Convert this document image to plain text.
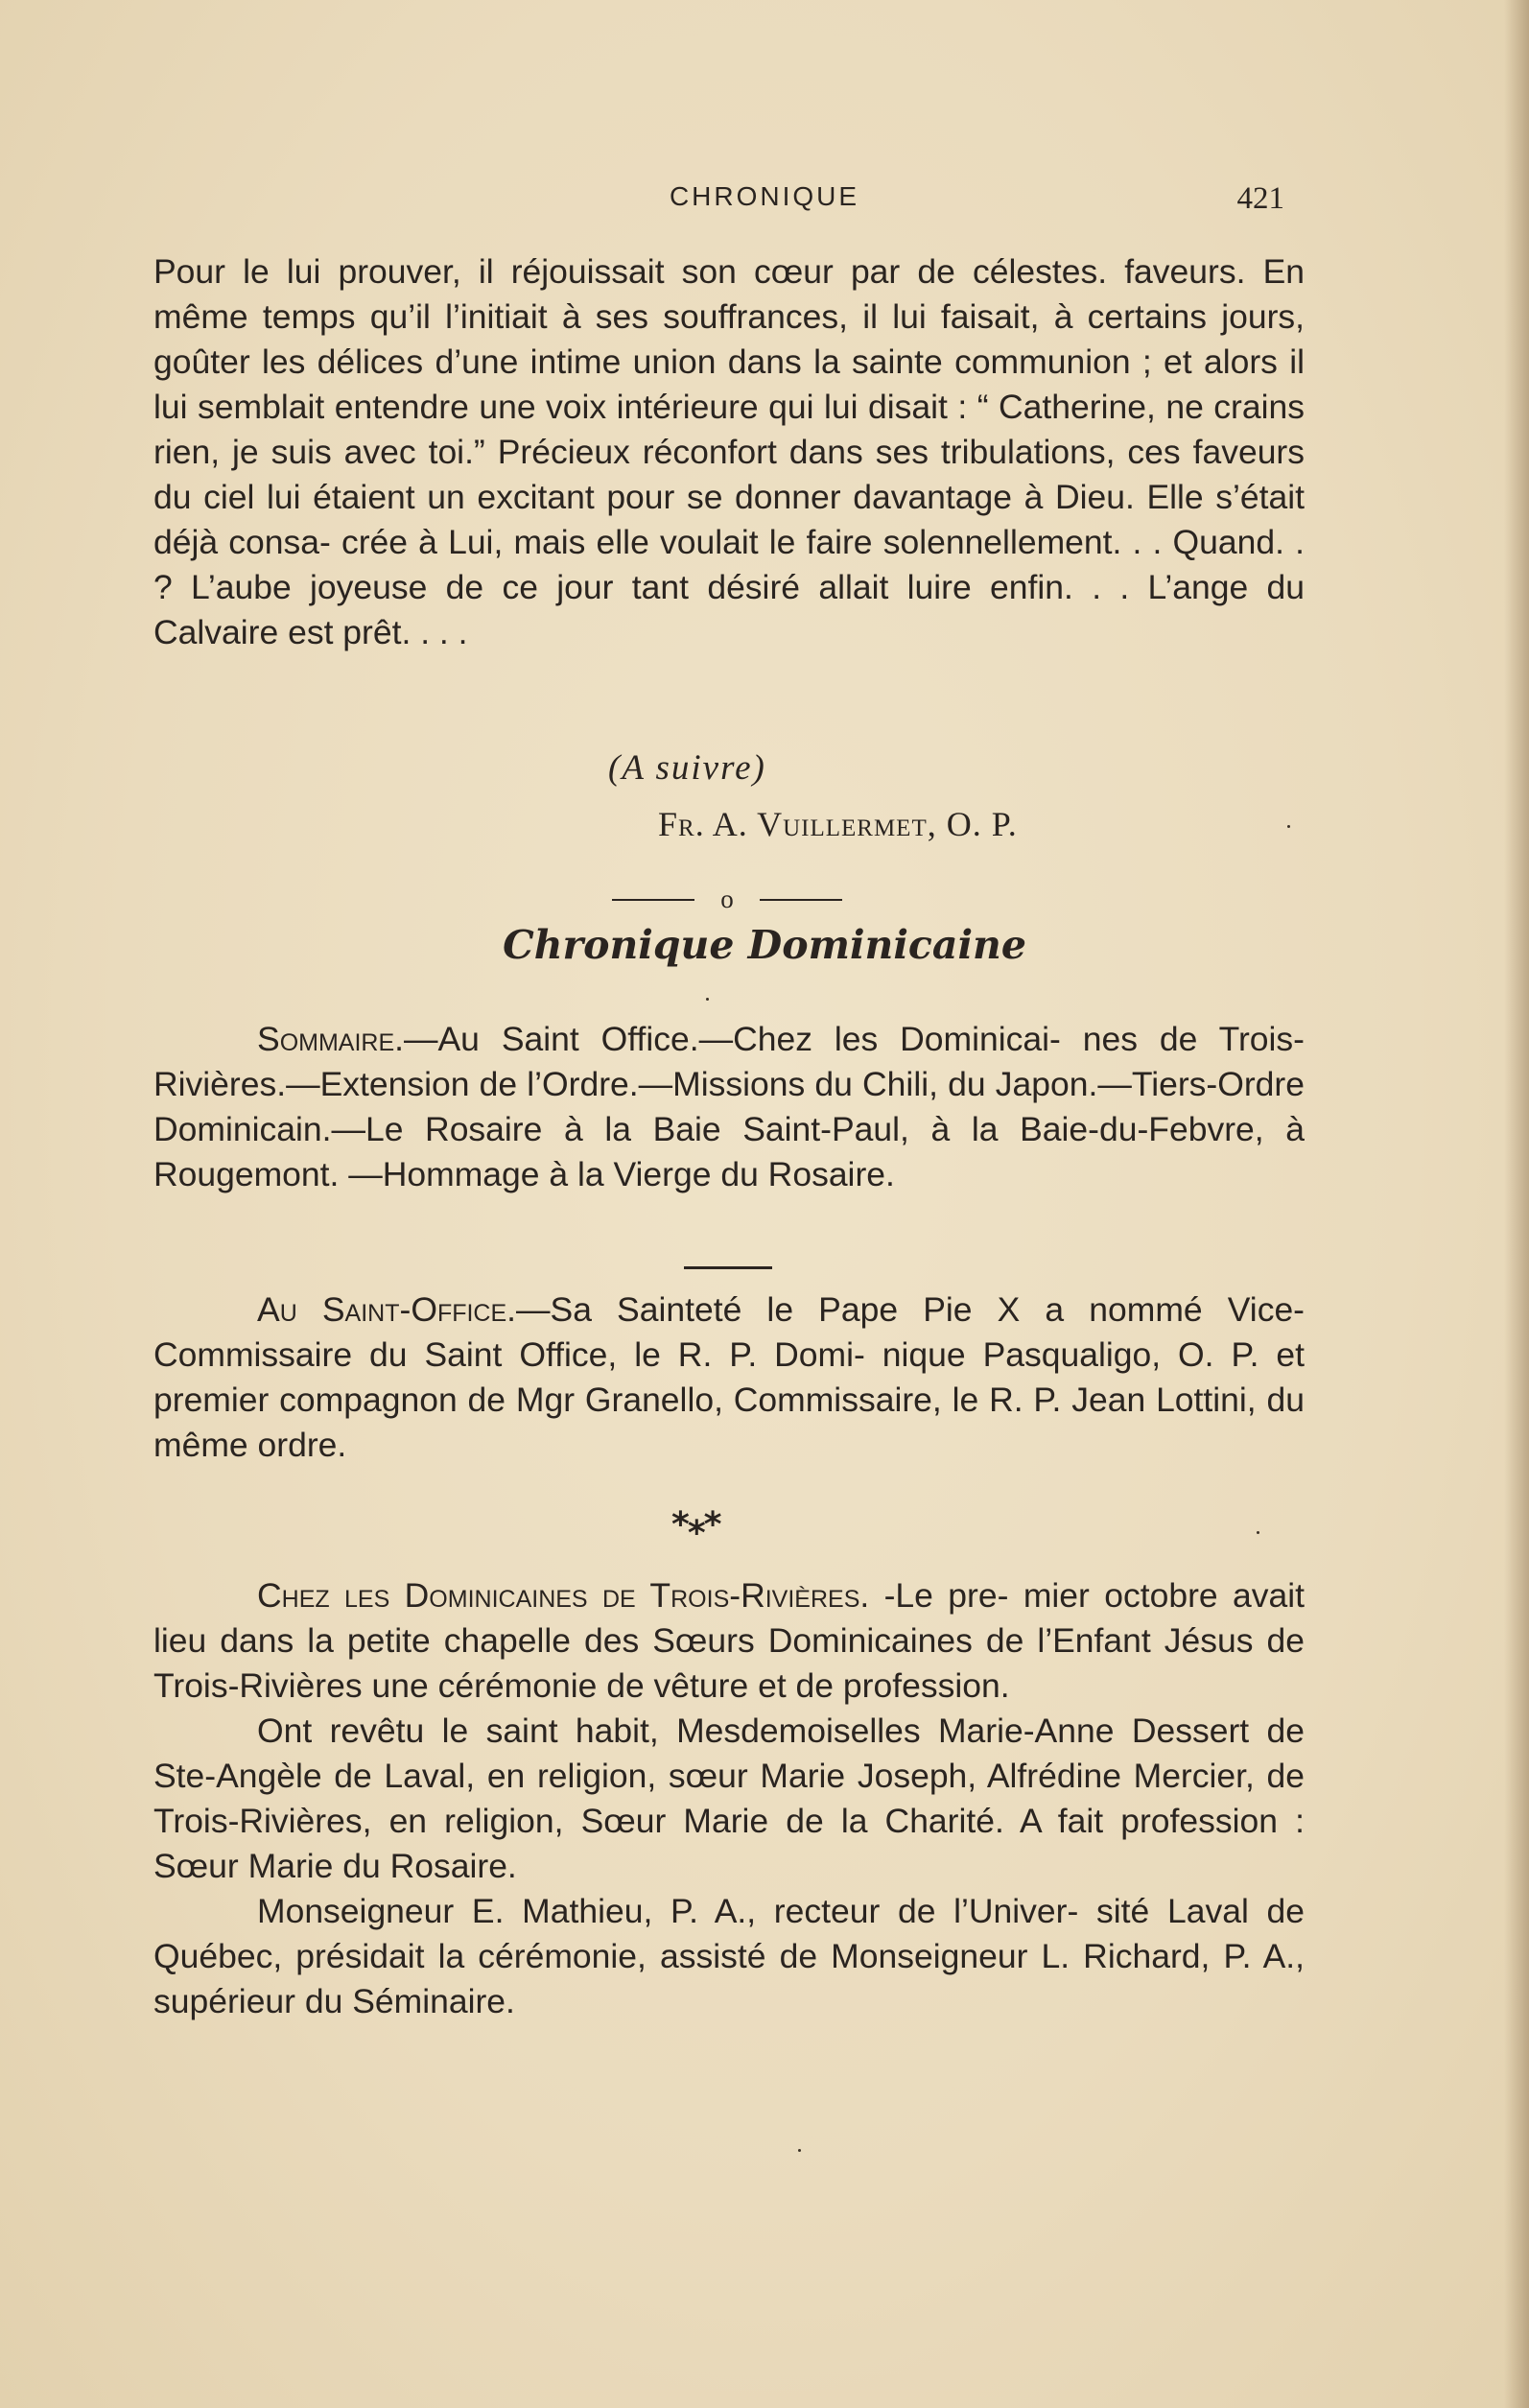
CHRONIQUE	421

Pour le lui prouver, il réjouissait son cœur par de célestes. faveurs. En même temps qu’il l’initiait à ses souffrances, il lui faisait, à certains jours, goûter les délices d’une intime union dans la sainte communion ; et alors il lui semblait entendre une voix intérieure qui lui disait : “ Catherine, ne crains rien, je suis avec toi.” Précieux réconfort dans ses tribulations, ces faveurs du ciel lui étaient un excitant pour se donner davantage à Dieu. Elle s’était déjà consa- crée à Lui, mais elle voulait le faire solennellement. . . Quand. . ? L’aube joyeuse de ce jour tant désiré allait luire enfin. . . L’ange du Calvaire est prêt. . . .

(A suivre)
Fr. A. Vuillermet, O. P.
o
Chronique Dominicaine

Sommaire.—Au Saint Office.—Chez les Dominicai- nes de Trois-Rivières.—Extension de l’Ordre.—Missions du Chili, du Japon.—Tiers-Ordre Dominicain.—Le Rosaire à la Baie Saint-Paul, à la Baie-du-Febvre, à Rougemont. —Hommage à la Vierge du Rosaire.

Au Saint-Office.—Sa Sainteté le Pape Pie X a nommé Vice-Commissaire du Saint Office, le R. P. Domi- nique Pasqualigo, O. P. et premier compagnon de Mgr Granello, Commissaire, le R. P. Jean Lottini, du même ordre.

***

Chez les Dominicaines de Trois-Rivières. -Le pre- mier octobre avait lieu dans la petite chapelle des Sœurs Dominicaines de l’Enfant Jésus de Trois-Rivières une cérémonie de vêture et de profession.

Ont revêtu le saint habit, Mesdemoiselles Marie-Anne Dessert de Ste-Angèle de Laval, en religion, sœur Marie Joseph, Alfrédine Mercier, de Trois-Rivières, en religion, Sœur Marie de la Charité. A fait profession : Sœur Marie du Rosaire.

Monseigneur E. Mathieu, P. A., recteur de l’Univer- sité Laval de Québec, présidait la cérémonie, assisté de Monseigneur L. Richard, P. A., supérieur du Séminaire.
